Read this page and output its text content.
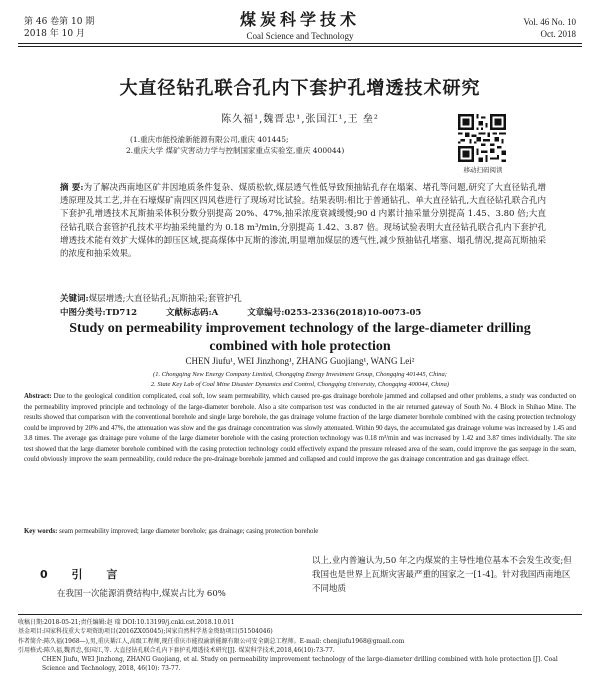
第 46 卷第 10 期
2018 年 10 月
煤炭科学技术
Coal Science and Technology
Vol. 46 No. 10
Oct. 2018
大直径钻孔联合孔内下套护孔增透技术研究
陈久福¹,魏晋忠¹,张国江¹,王 垒²
(1.重庆市能投渝新能源有限公司,重庆 401445;
2.重庆大学 煤矿灾害动力学与控制国家重点实验室,重庆 400044)
移动扫码阅读
摘 要:为了解决西南地区矿井因地质条件复杂、煤质松软,煤层透气性低导致预抽钻孔存在塌案、堵孔等问题,研究了大直径钻孔增透原理及其工艺,并在石壕煤矿南四区四风巷进行了现场对比试验。结果表明:相比于普通钻孔、单大直径钻孔,大直径钻孔联合孔内下套护孔增透技术瓦斯抽采体积分数分别提高 20%、47%,抽采浓度衰减缓慢;90 d 内累计抽采量分别提高 1.45、3.80 倍;大直径钻孔联合套管护孔技术平均抽采纯量约为 0.18 m³/min,分别提高 1.42、3.87 倍。现场试验表明大直径钻孔联合孔内下套护孔增透技术能有效扩大煤体的卸压区域,提高煤体中瓦斯的渗流,明显增加煤层的透气性,减少预抽钻孔堵塞、塌孔情况,提高瓦斯抽采的浓度和抽采效果。
关键词:煤层增透;大直径钻孔;瓦斯抽采;套管护孔
中图分类号:TD712	文献标志码:A	文章编号:0253-2336(2018)10-0073-05
Study on permeability improvement technology of the large-diameter drilling combined with hole protection
CHEN Jiufu¹, WEI Jinzhong¹, ZHANG Guojiang¹, WANG Lei²
(1. Chongqing New Energy Company Limited, Chongqing Energy Investment Group, Chongqing 401445, China;
2. State Key Lab of Coal Mine Disaster Dynamics and Control, Chongqing University, Chongqing 400044, China)
Abstract: Due to the geological condition complicated, coal soft, low seam permeability, which caused pre-gas drainage borehole jammed and collapsed and other problems, a study was conducted on the permeability improved principle and technology of the large-diameter borehole. Also a site comparison test was conducted in the air returned gateway of South No. 4 Block in Shihao Mine. The results showed that comparison with the conventional borehole and single large borehole, the gas drainage volume fraction of the large diameter borehole combined with the casing protection technology could be improved by 20% and 47%, the attenuation was slow and the gas drainage concentration was slowly attenuated. Within 90 days, the accumulated gas drainage volume was increased by 1.45 and 3.8 times. The average gas drainage pure volume of the large diameter borehole with the casing protection technology was 0.18 m³/min and was increased by 1.42 and 3.87 times individually. The site test showed that the large diameter borehole combined with the casing protection technology could effectively expand the pressure released area of the seam, could improve the gas seepage in the seam, could obviously improve the seam permeability, could reduce the pre-drainage borehole jammed and collapsed and could improve the gas drainage concentration and gas drainage effect.
Key words: seam permeability improved; large diameter borehole; gas drainage; casing protection borehole
0 引 言
在我国一次能源消费结构中,煤炭占比为 60%
以上,业内普遍认为,50 年之内煤炭的主导性地位基本不会发生改变;但我国也是世界上瓦斯灾害最严重的国家之一[1-4]。针对我国西南地区不同地质

收稿日期:2018-05-21;责任编辑:赵 瑞 DOI:10.13199/j.cnki.cst.2018.10.011

基金项目:国家科技重大专项资助项目(2016ZX05045);国家自然科学基金资助项目(51504046)

作者简介:陈久福(1968—),男,重庆綦江人,高级工程师,现任重庆市能投渝新能源有限公司安全副总工程师。E-mail: chenjiufu1968@gmail.com

引用格式:陈久福,魏晋忠,张国江,等. 大直径钻孔联合孔内下套护孔增透技术研究[J]. 煤炭科学技术,2018,46(10):73-77.

CHEN Jiufu, WEI Jinzhong, ZHANG Guojiang, et al. Study on permeability improvement technology of the large-diameter drilling combined with hole protection [J]. Coal Science and Technology, 2018, 46(10): 73-77.
